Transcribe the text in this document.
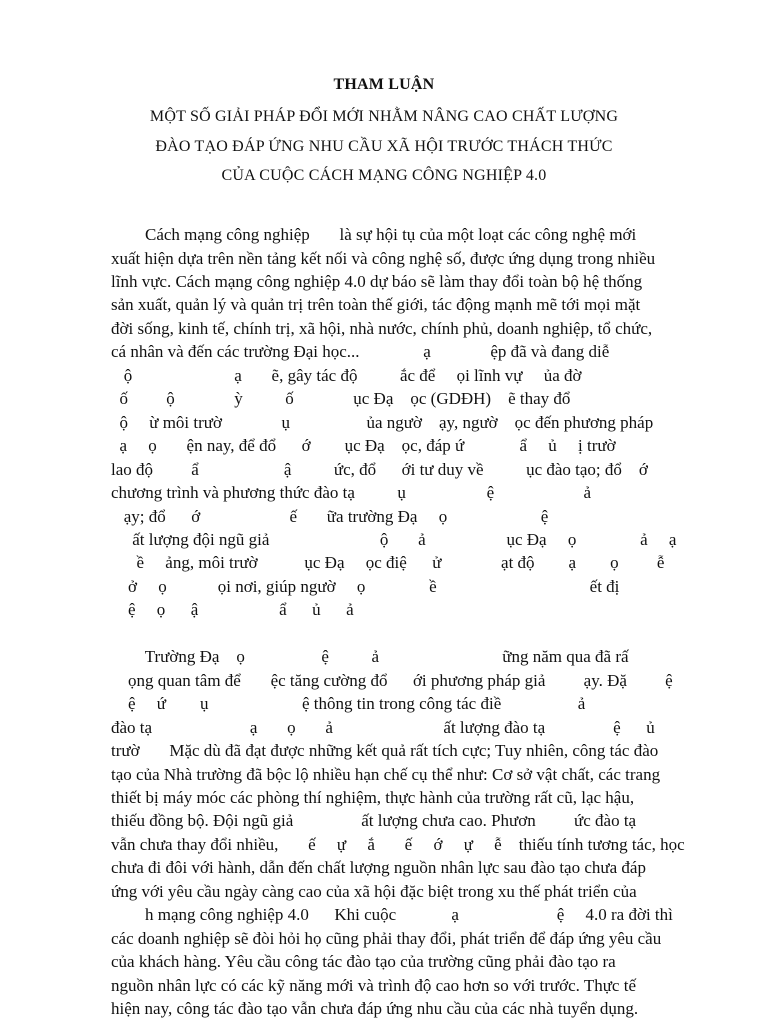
THAM LUẬN
MỘT SỐ GIẢI PHÁP ĐỔI MỚI NHẰM NÂNG CAO CHẤT LƯỢNG
ĐÀO TẠO ĐÁP ỨNG NHU CẦU XÃ HỘI TRƯỚC THÁCH THỨC
CỦA CUỘC CÁCH MẠNG CÔNG NGHIỆP 4.0
Cách mạng công nghiệp       là sự hội tụ của một loạt các công nghệ mới
xuất hiện dựa trên nền tảng kết nối và công nghệ số, được ứng dụng trong nhiều
lĩnh vực. Cách mạng công nghiệp 4.0 dự báo sẽ làm thay đổi toàn bộ hệ thống
sản xuất, quản lý và quản trị trên toàn thế giới, tác động mạnh mẽ tới mọi mặt
đời sống, kinh tế, chính trị, xã hội, nhà nước, chính phủ, doanh nghiệp, tổ chức,
cá nhân và đến các trường Đại học...               ạ              ệp đã và đang diễ
ộ                        ạ       ẽ, gây tác độ          ắc để     ọi lĩnh vự     ủa đờ
ố         ộ              ỳ          ố              ục Đạ    ọc (GDĐH)    ẽ thay đổ
ộ     ừ môi trườ              ụ                  ủa ngườ    ạy, ngườ    ọc đến phương pháp
ạ     ọ       ện nay, để đổ      ớ        ục Đạ    ọc, đáp ứ             ẩ     ủ     ị trườ
lao độ         ẩ                    ậ          ức, đổ      ới tư duy về          ục đào tạo; đổ    ớ
chương trình và phương thức đào tạ          ụ                   ệ                     ả
ạy; đổ      ớ                     ế       ữa trường Đạ     ọ                      ệ
ất lượng đội ngũ giả                          ộ       ả                   ục Đạ     ọ               ả     ạ
ề     ảng, môi trườ           ục Đạ     ọc điệ      ử              ạt độ        ạ        ọ         ễ
ở     ọ            ọi nơi, giúp ngườ     ọ               ề                                    ết đị
ệ     ọ      ậ                   ẩ      ủ      ả
Trường Đạ    ọ                  ệ          ả                             ững năm qua đã rấ
ọng quan tâm để       ệc tăng cường đổ      ới phương pháp giả         ạy. Đặ         ệ
ệ     ứ        ụ                      ệ thông tin trong công tác điề                  ả
đào tạ                       ạ       ọ       ả                          ất lượng đào tạ                ệ      ủ
trườ       Mặc dù đã đạt được những kết quả rất tích cực; Tuy nhiên, công tác đào
tạo của Nhà trường đã bộc lộ nhiều hạn chế cụ thể như: Cơ sở vật chất, các trang
thiết bị máy móc các phòng thí nghiệm, thực hành của trường rất cũ, lạc hậu,
thiếu đồng bộ. Đội ngũ giả                ất lượng chưa cao. Phươn         ức đào tạ
vẫn chưa thay đổi nhiều,       ế     ự     ắ       ế     ớ     ự     ễ    thiếu tính tương tác, học
chưa đi đôi với hành, dẫn đến chất lượng nguồn nhân lực sau đào tạo chưa đáp
ứng với yêu cầu ngày càng cao của xã hội đặc biệt trong xu thế phát triển của
h mạng công nghiệp 4.0      Khi cuộc             ạ                       ệ     4.0 ra đời thì
các doanh nghiệp sẽ đòi hỏi họ cũng phải thay đổi, phát triển để đáp ứng yêu cầu
của khách hàng. Yêu cầu công tác đào tạo của trường cũng phải đào tạo ra
nguồn nhân lực có các kỹ năng mới và trình độ cao hơn so với trước. Thực tế
hiện nay, công tác đào tạo vẫn chưa đáp ứng nhu cầu của các nhà tuyển dụng.
